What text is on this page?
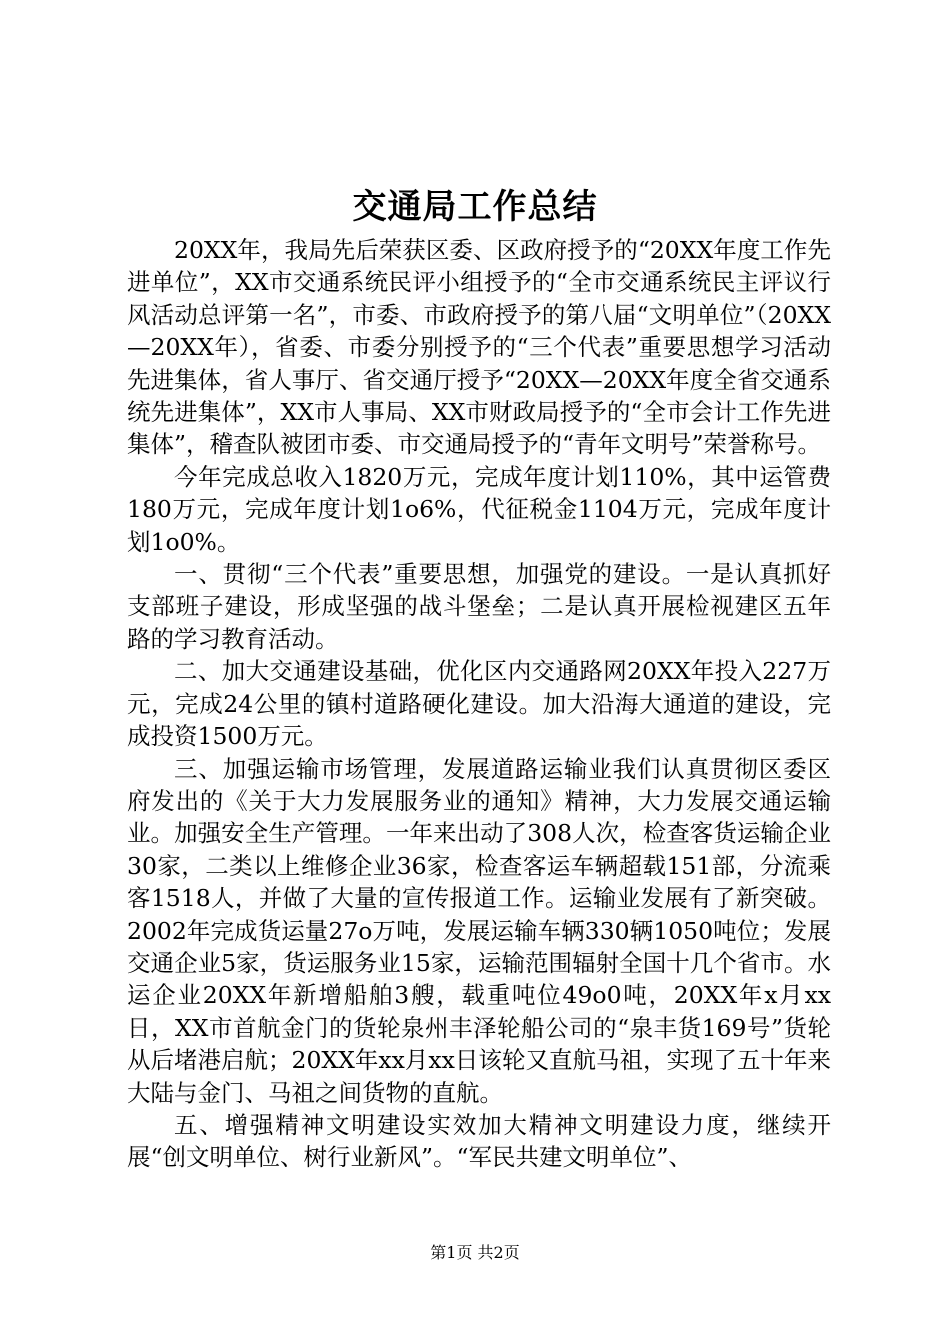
交通局工作总结

20XX年，我局先后荣获区委、区政府授予的“20XX年度工作先进单位”，XX市交通系统民评小组授予的“全市交通系统民主评议行风活动总评第一名”，市委、市政府授予的第八届“文明单位”（20XX—20XX年），省委、市委分别授予的“三个代表”重要思想学习活动先进集体，省人事厅、省交通厅授予“20XX—20XX年度全省交通系统先进集体”，XX市人事局、XX市财政局授予的“全市会计工作先进集体”，稽查队被团市委、市交通局授予的“青年文明号”荣誉称号。

今年完成总收入1820万元，完成年度计划110%，其中运管费180万元，完成年度计划1o6%，代征税金1104万元，完成年度计划1o0%。

一、贯彻“三个代表”重要思想，加强党的建设。一是认真抓好支部班子建设，形成坚强的战斗堡垒；二是认真开展检视建区五年路的学习教育活动。

二、加大交通建设基础，优化区内交通路网20XX年投入227万元，完成24公里的镇村道路硬化建设。加大沿海大通道的建设，完成投资1500万元。

三、加强运输市场管理，发展道路运输业我们认真贯彻区委区府发出的《关于大力发展服务业的通知》精神，大力发展交通运输业。加强安全生产管理。一年来出动了308人次，检查客货运输企业30家，二类以上维修企业36家，检查客运车辆超载151部，分流乘客1518人，并做了大量的宣传报道工作。运输业发展有了新突破。2002年完成货运量27o万吨，发展运输车辆330辆1050吨位；发展交通企业5家，货运服务业15家，运输范围辐射全国十几个省市。水运企业20XX年新增船舶3艘，载重吨位49o0吨，20XX年x月xx日，XX市首航金门的货轮泉州丰泽轮船公司的“泉丰货169号”货轮从后堵港启航；20XX年xx月xx日该轮又直航马祖，实现了五十年来大陆与金门、马祖之间货物的直航。

五、增强精神文明建设实效加大精神文明建设力度，继续开展“创文明单位、树行业新风”。“军民共建文明单位”、

第1页 共2页
